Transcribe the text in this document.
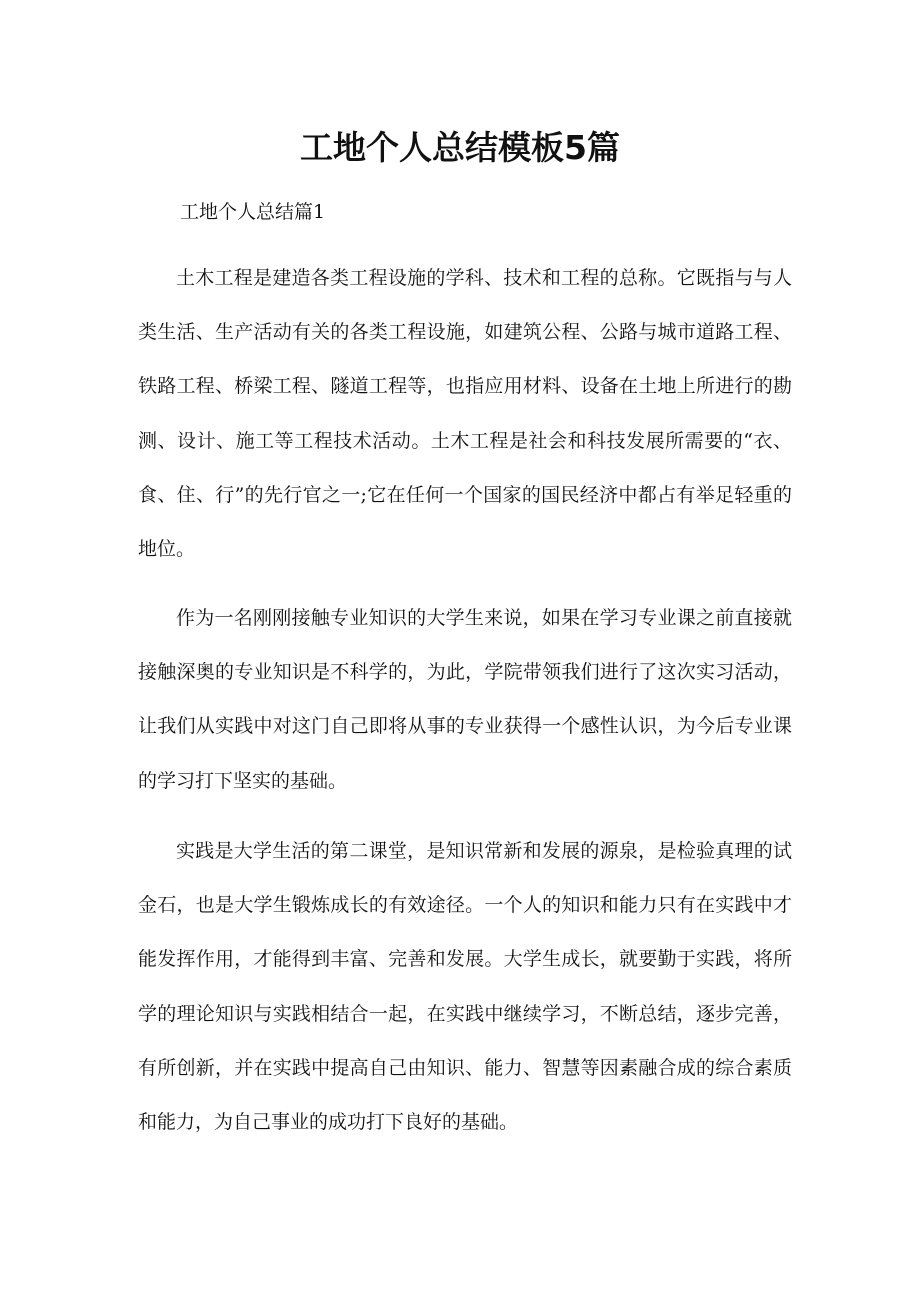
工地个人总结模板5篇

工地个人总结篇1

土木工程是建造各类工程设施的学科、技术和工程的总称。它既指与与人类生活、生产活动有关的各类工程设施，如建筑公程、公路与城市道路工程、铁路工程、桥梁工程、隧道工程等，也指应用材料、设备在土地上所进行的勘测、设计、施工等工程技术活动。土木工程是社会和科技发展所需要的“衣、食、住、行”的先行官之一;它在任何一个国家的国民经济中都占有举足轻重的地位。

作为一名刚刚接触专业知识的大学生来说，如果在学习专业课之前直接就接触深奥的专业知识是不科学的，为此，学院带领我们进行了这次实习活动，让我们从实践中对这门自己即将从事的专业获得一个感性认识，为今后专业课的学习打下坚实的基础。

实践是大学生活的第二课堂，是知识常新和发展的源泉，是检验真理的试金石，也是大学生锻炼成长的有效途径。一个人的知识和能力只有在实践中才能发挥作用，才能得到丰富、完善和发展。大学生成长，就要勤于实践，将所学的理论知识与实践相结合一起，在实践中继续学习，不断总结，逐步完善，有所创新，并在实践中提高自己由知识、能力、智慧等因素融合成的综合素质和能力，为自己事业的成功打下良好的基础。
